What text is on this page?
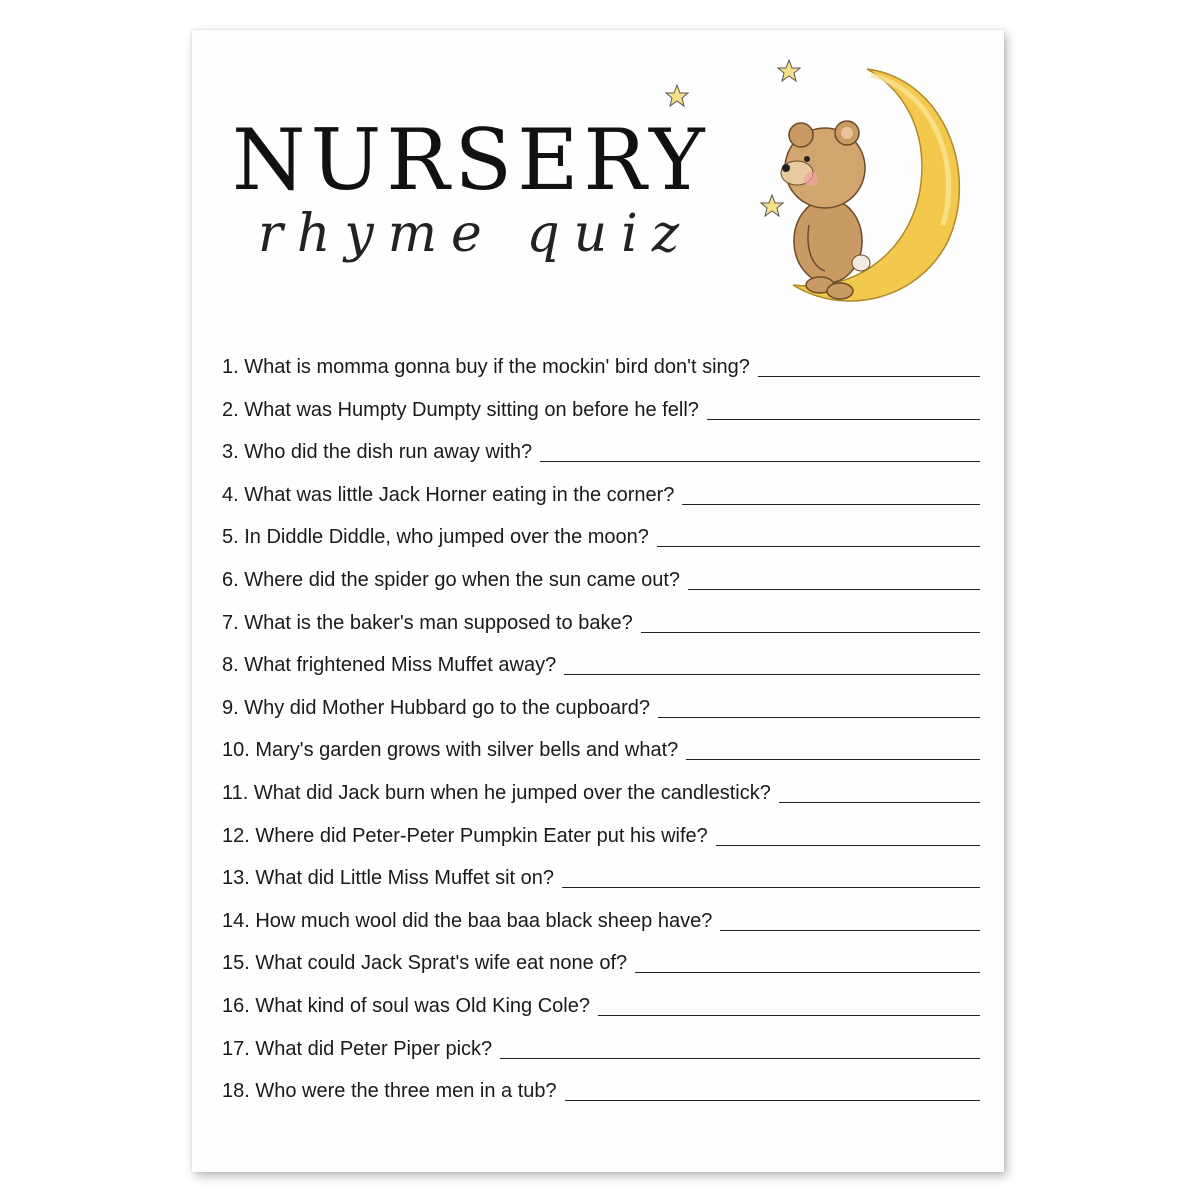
NURSERY
rhyme quiz
1. What is momma gonna buy if the mockin' bird don't sing?
2. What was Humpty Dumpty sitting on before he fell?
3. Who did the dish run away with?
4. What was little Jack Horner eating in the corner?
5. In Diddle Diddle, who jumped over the moon?
6. Where did the spider go when the sun came out?
7. What is the baker's man supposed to bake?
8. What frightened Miss Muffet away?
9. Why did Mother Hubbard go to the cupboard?
10. Mary's garden grows with silver bells and what?
11. What did Jack burn when he jumped over the candlestick?
12. Where did Peter-Peter Pumpkin Eater put his wife?
13. What did Little Miss Muffet sit on?
14. How much wool did the baa baa black sheep have?
15. What could Jack Sprat's wife eat none of?
16. What kind of soul was Old King Cole?
17. What did Peter Piper pick?
18. Who were the three men in a tub?
